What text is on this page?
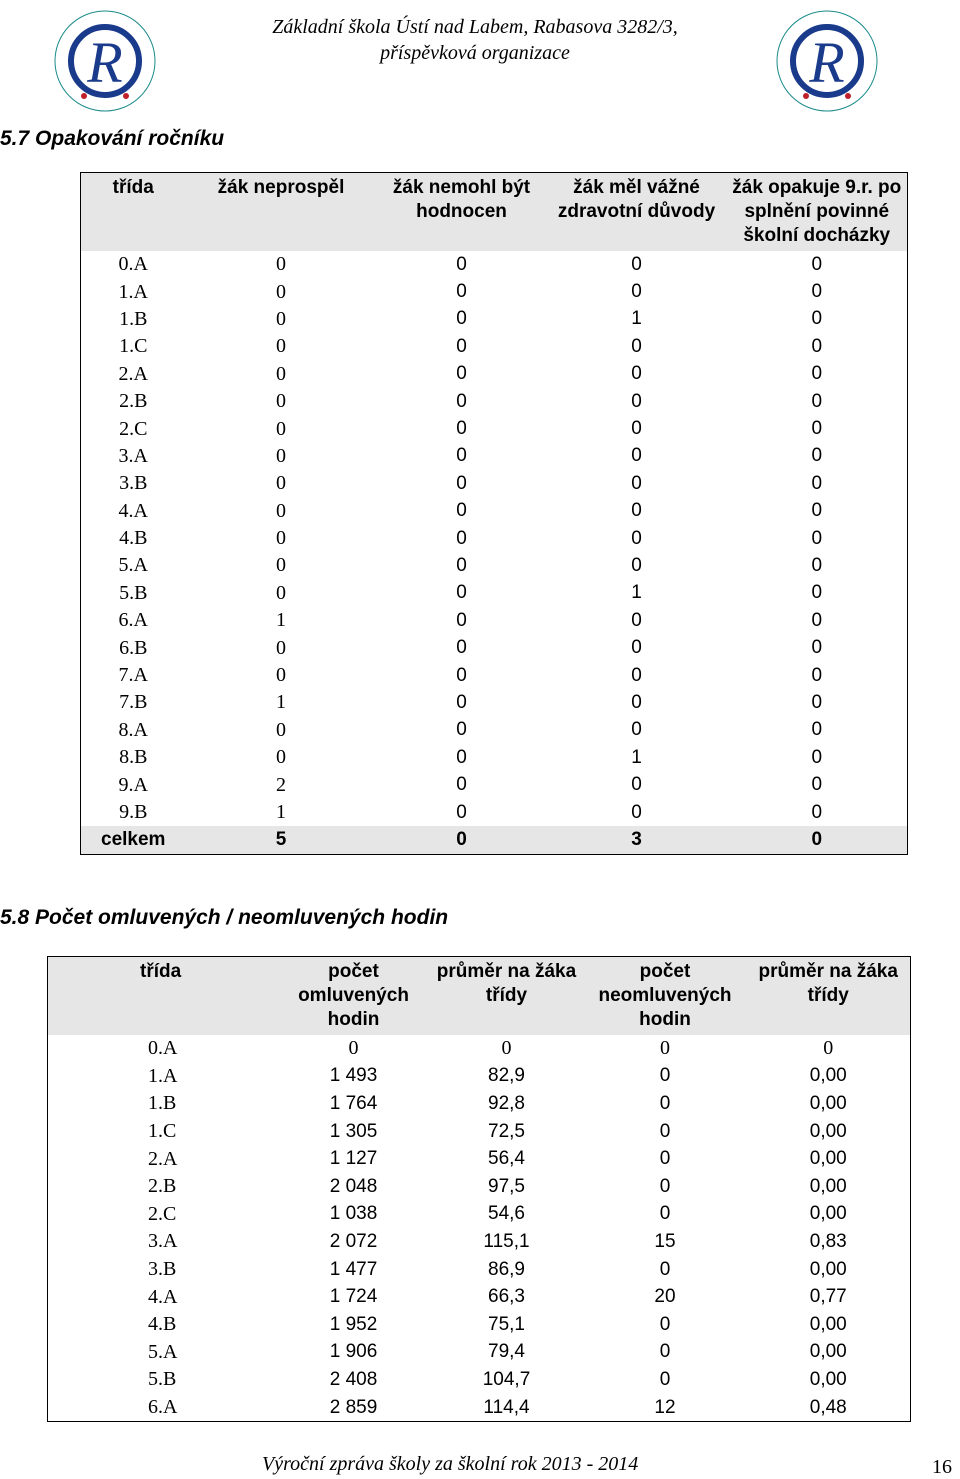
R	R
Základní škola Ústí nad Labem, Rabasova 3282/3,
příspěvková organizace
5.7 Opakování ročníku
třída	žák neprospěl	žák nemohl být hodnocen	žák měl vážné zdravotní důvody	žák opakuje 9.r. po splnění povinné školní docházky
0.A	0	0	0	0
1.A	0	0	0	0
1.B	0	0	1	0
1.C	0	0	0	0
2.A	0	0	0	0
2.B	0	0	0	0
2.C	0	0	0	0
3.A	0	0	0	0
3.B	0	0	0	0
4.A	0	0	0	0
4.B	0	0	0	0
5.A	0	0	0	0
5.B	0	0	1	0
6.A	1	0	0	0
6.B	0	0	0	0
7.A	0	0	0	0
7.B	1	0	0	0
8.A	0	0	0	0
8.B	0	0	1	0
9.A	2	0	0	0
9.B	1	0	0	0
celkem	5	0	3	0
5.8 Počet omluvených / neomluvených hodin
třída	počet omluvených hodin	průměr na žáka třídy	počet neomluvených hodin	průměr na žáka třídy
0.A	0	0	0	0
1.A	1 493	82,9	0	0,00
1.B	1 764	92,8	0	0,00
1.C	1 305	72,5	0	0,00
2.A	1 127	56,4	0	0,00
2.B	2 048	97,5	0	0,00
2.C	1 038	54,6	0	0,00
3.A	2 072	115,1	15	0,83
3.B	1 477	86,9	0	0,00
4.A	1 724	66,3	20	0,77
4.B	1 952	75,1	0	0,00
5.A	1 906	79,4	0	0,00
5.B	2 408	104,7	0	0,00
6.A	2 859	114,4	12	0,48
Výroční zpráva školy za školní rok 2013 - 2014	16
